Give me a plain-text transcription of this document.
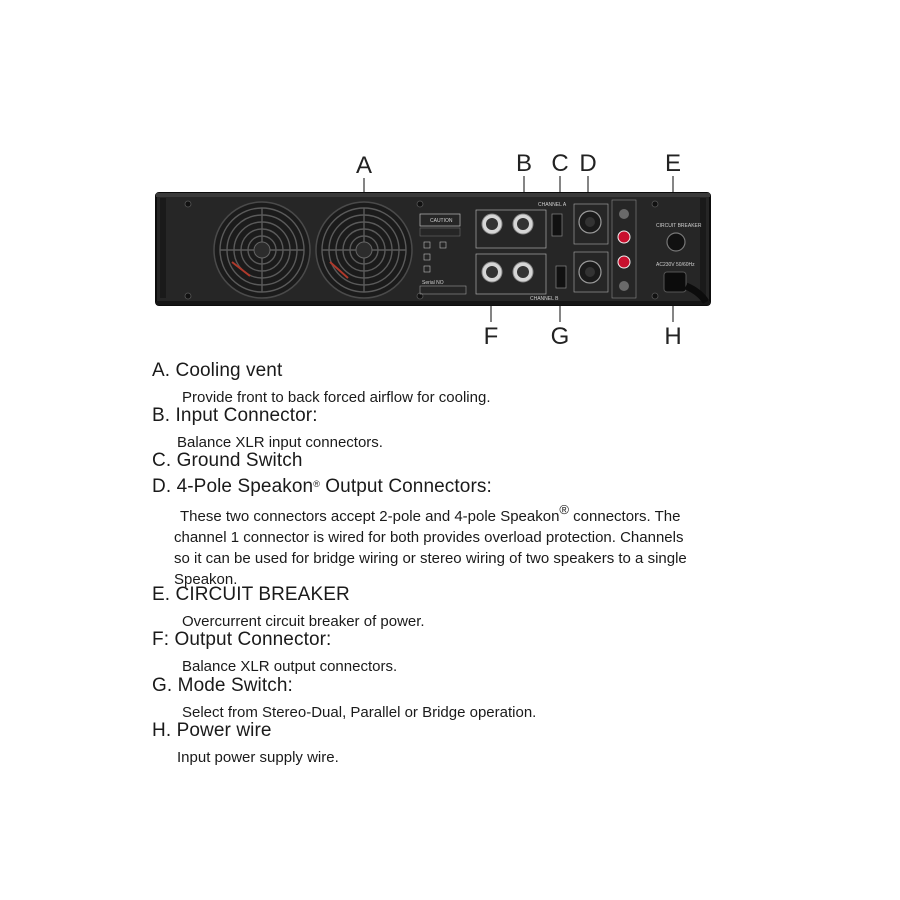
A	B C D	E
F G	H
CAUTION
Serial NO
CHANNEL A
CHANNEL B
CIRCUIT BREAKER
AC230V 50/60Hz
A. Cooling vent
Provide front to back forced airflow for cooling.
B. Input Connector:
Balance XLR input connectors.
C. Ground Switch
D. 4-Pole Speakon® Output Connectors:
These two connectors accept 2-pole and 4-pole Speakon® connectors. The
channel 1 connector is wired for both provides overload protection. Channels
so it can be used for bridge wiring or stereo wiring of two speakers to a single
Speakon.
E. CIRCUIT BREAKER
Overcurrent circuit breaker of power.
F: Output Connector:
Balance XLR output connectors.
G. Mode Switch:
Select from Stereo-Dual, Parallel or Bridge operation.
H. Power wire
Input power supply wire.
